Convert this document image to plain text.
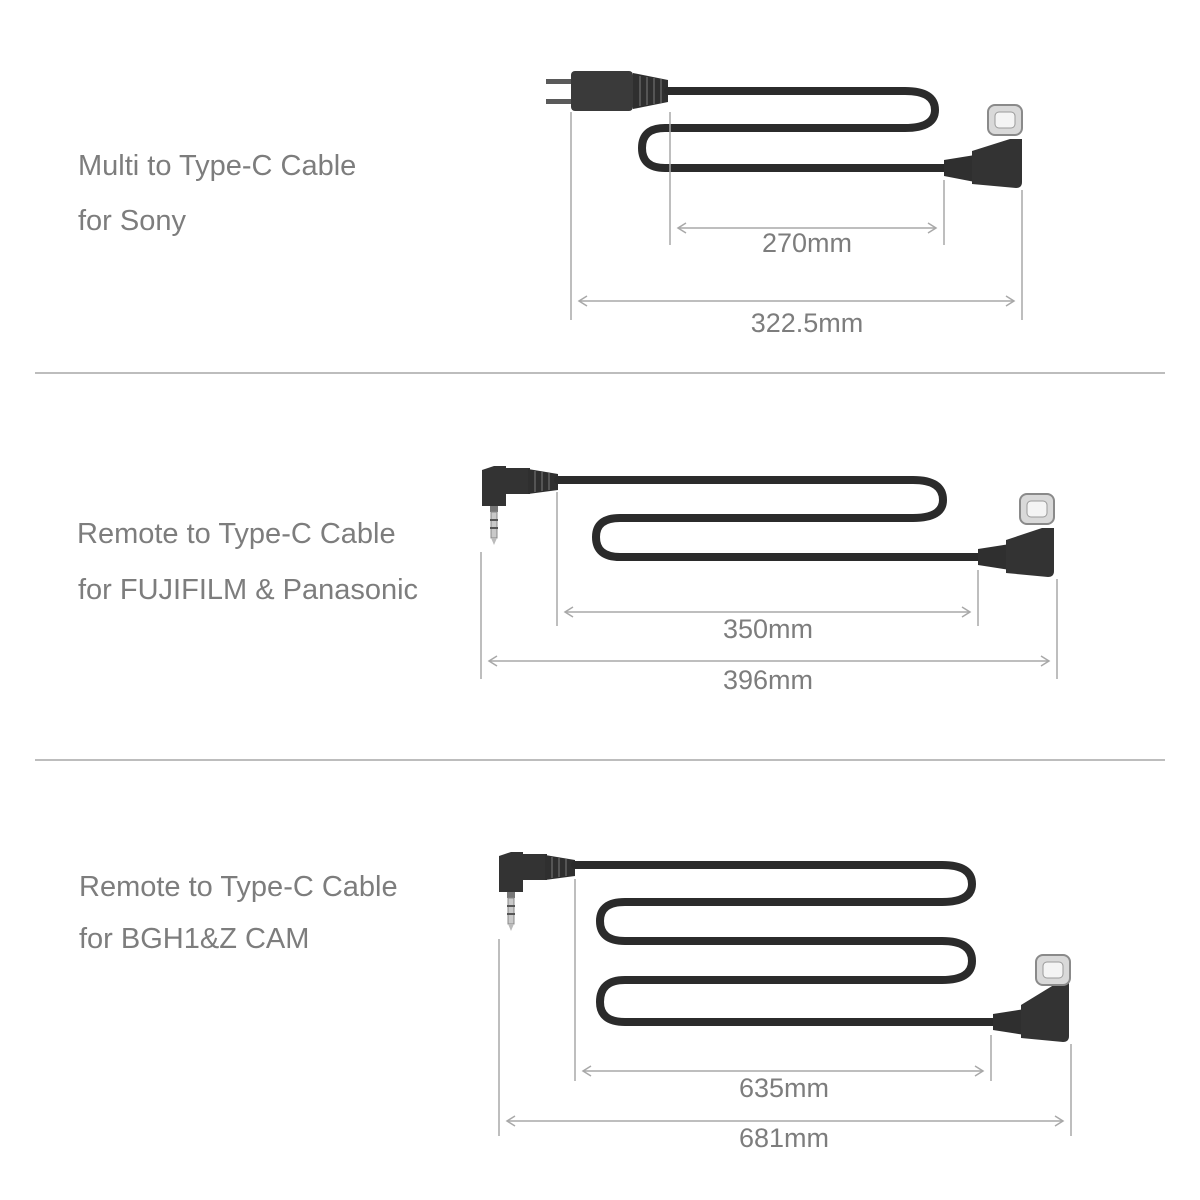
Multi to Type-C Cable
for Sony
270mm
322.5mm
Remote to Type-C Cable
for FUJIFILM & Panasonic
350mm
396mm
Remote to Type-C Cable
for BGH1&Z CAM
635mm
681mm
